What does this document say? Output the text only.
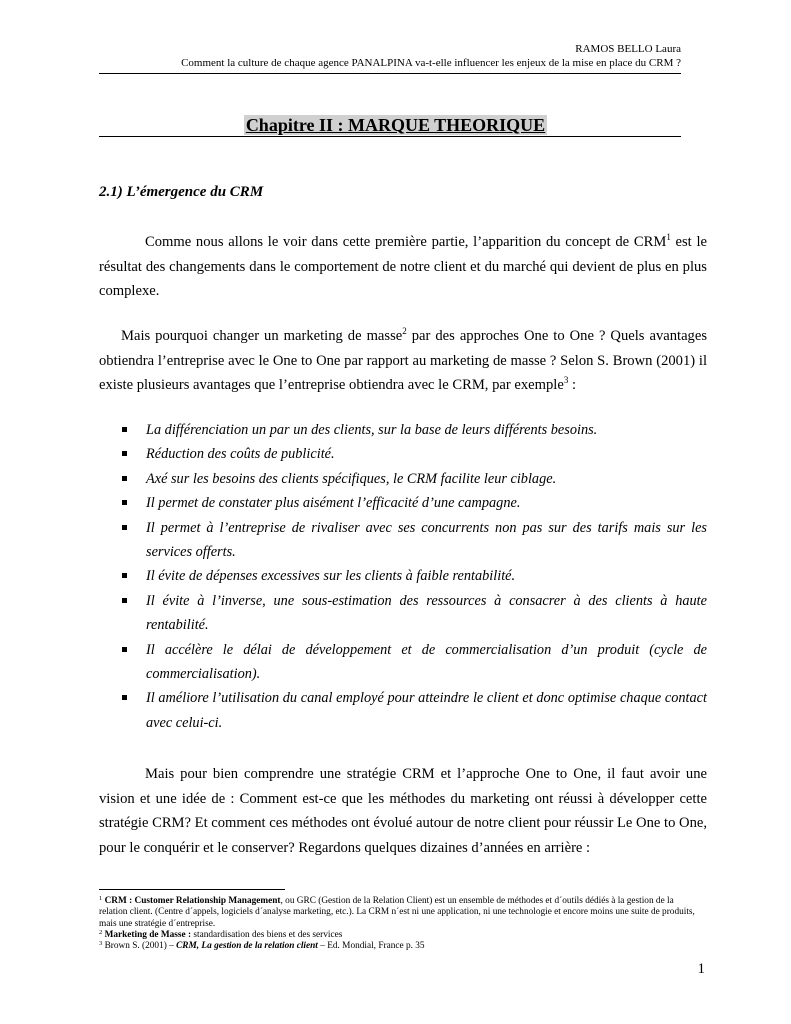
RAMOS BELLO Laura
Comment la culture de chaque agence PANALPINA va-t-elle influencer les enjeux de la mise en place du CRM ?
Chapitre II : MARQUE THEORIQUE
2.1) L’émergence du CRM

Comme nous allons le voir dans cette première partie, l’apparition du concept de CRM$^1$ est le résultat des changements dans le comportement de notre client et du marché qui devient de plus en plus complexe.

Mais pourquoi changer un marketing de masse$^2$ par des approches One to One ? Quels avantages obtiendra l’entreprise avec le One to One par rapport au marketing de masse ? Selon S. Brown (2001) il existe plusieurs avantages que l’entreprise obtiendra avec le CRM, par exemple$^3$ :

La différenciation un par un des clients, sur la base de leurs différents besoins.
Réduction des coûts de publicité.
Axé sur les besoins des clients spécifiques, le CRM facilite leur ciblage.
Il permet de constater plus aisément l’efficacité d’une campagne.
Il permet à l’entreprise de rivaliser avec ses concurrents non pas sur des tarifs mais sur les services offerts.
Il évite de dépenses excessives sur les clients à faible rentabilité.
Il évite à l’inverse, une sous-estimation des ressources à consacrer à des clients à haute rentabilité.
Il accélère le délai de développement et de commercialisation d’un produit (cycle de commercialisation).
Il améliore l’utilisation du canal employé pour atteindre le client et donc optimise chaque contact avec celui-ci.

Mais pour bien comprendre une stratégie CRM et l’approche One to One, il faut avoir une vision et une idée de : Comment est-ce que les méthodes du marketing ont réussi à développer cette stratégie CRM? Et comment ces méthodes ont évolué autour de notre client pour réussir Le One to One, pour le conquérir et le conserver? Regardons quelques dizaines d’années en arrière :

$^1$ CRM : Customer Relationship Management, ou GRC (Gestion de la Relation Client) est un ensemble de méthodes et d´outils dédiés à la gestion de la relation client. (Centre d´appels, logiciels d´analyse marketing, etc.). La CRM n´est ni une application, ni une technologie et encore moins une suite de produits, mais une stratégie d´entreprise.

$^2$ Marketing de Masse : standardisation des biens et des services

$^3$ Brown S. (2001) – CRM, La gestion de la relation client – Ed. Mondial, France p. 35

1
